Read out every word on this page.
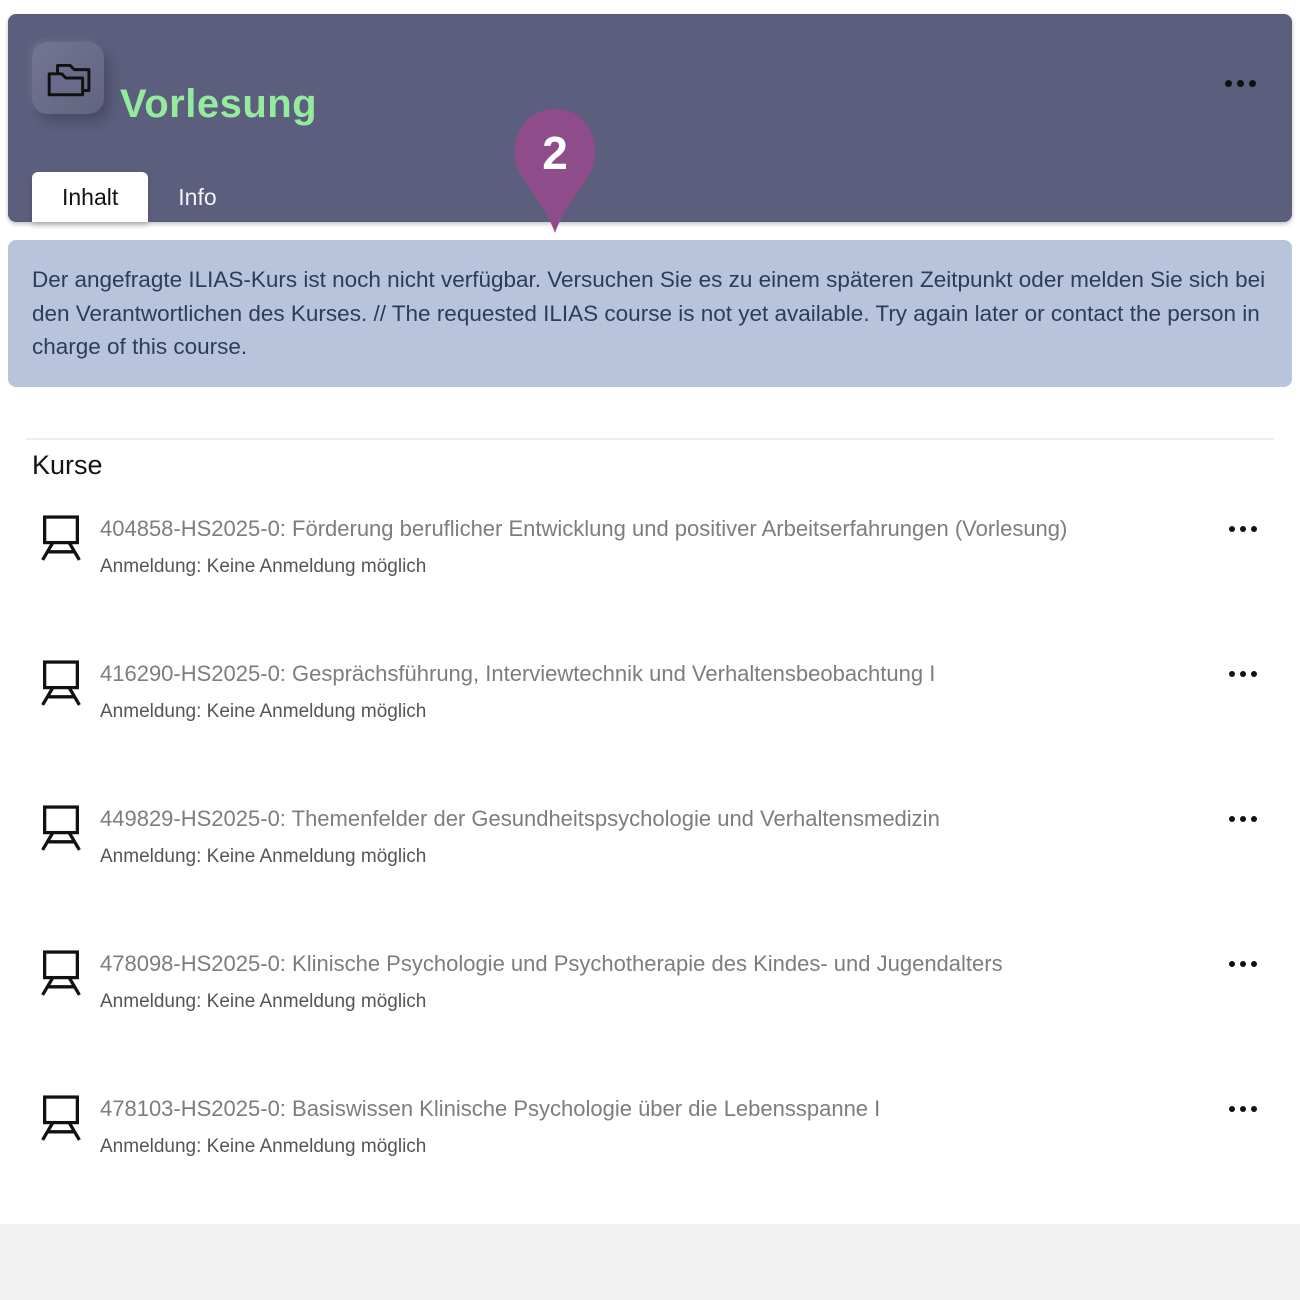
Vorlesung
Inhalt	Info
2
Der angefragte ILIAS-Kurs ist noch nicht verfügbar. Versuchen Sie es zu einem späteren Zeitpunkt oder melden Sie sich bei den Verantwortlichen des Kurses. // The requested ILIAS course is not yet available. Try again later or contact the person in charge of this course.
Kurse
404858-HS2025-0: Förderung beruflicher Entwicklung und positiver Arbeitserfahrungen (Vorlesung)
Anmeldung: Keine Anmeldung möglich
416290-HS2025-0: Gesprächsführung, Interviewtechnik und Verhaltensbeobachtung I
Anmeldung: Keine Anmeldung möglich
449829-HS2025-0: Themenfelder der Gesundheitspsychologie und Verhaltensmedizin
Anmeldung: Keine Anmeldung möglich
478098-HS2025-0: Klinische Psychologie und Psychotherapie des Kindes- und Jugendalters
Anmeldung: Keine Anmeldung möglich
478103-HS2025-0: Basiswissen Klinische Psychologie über die Lebensspanne I
Anmeldung: Keine Anmeldung möglich
